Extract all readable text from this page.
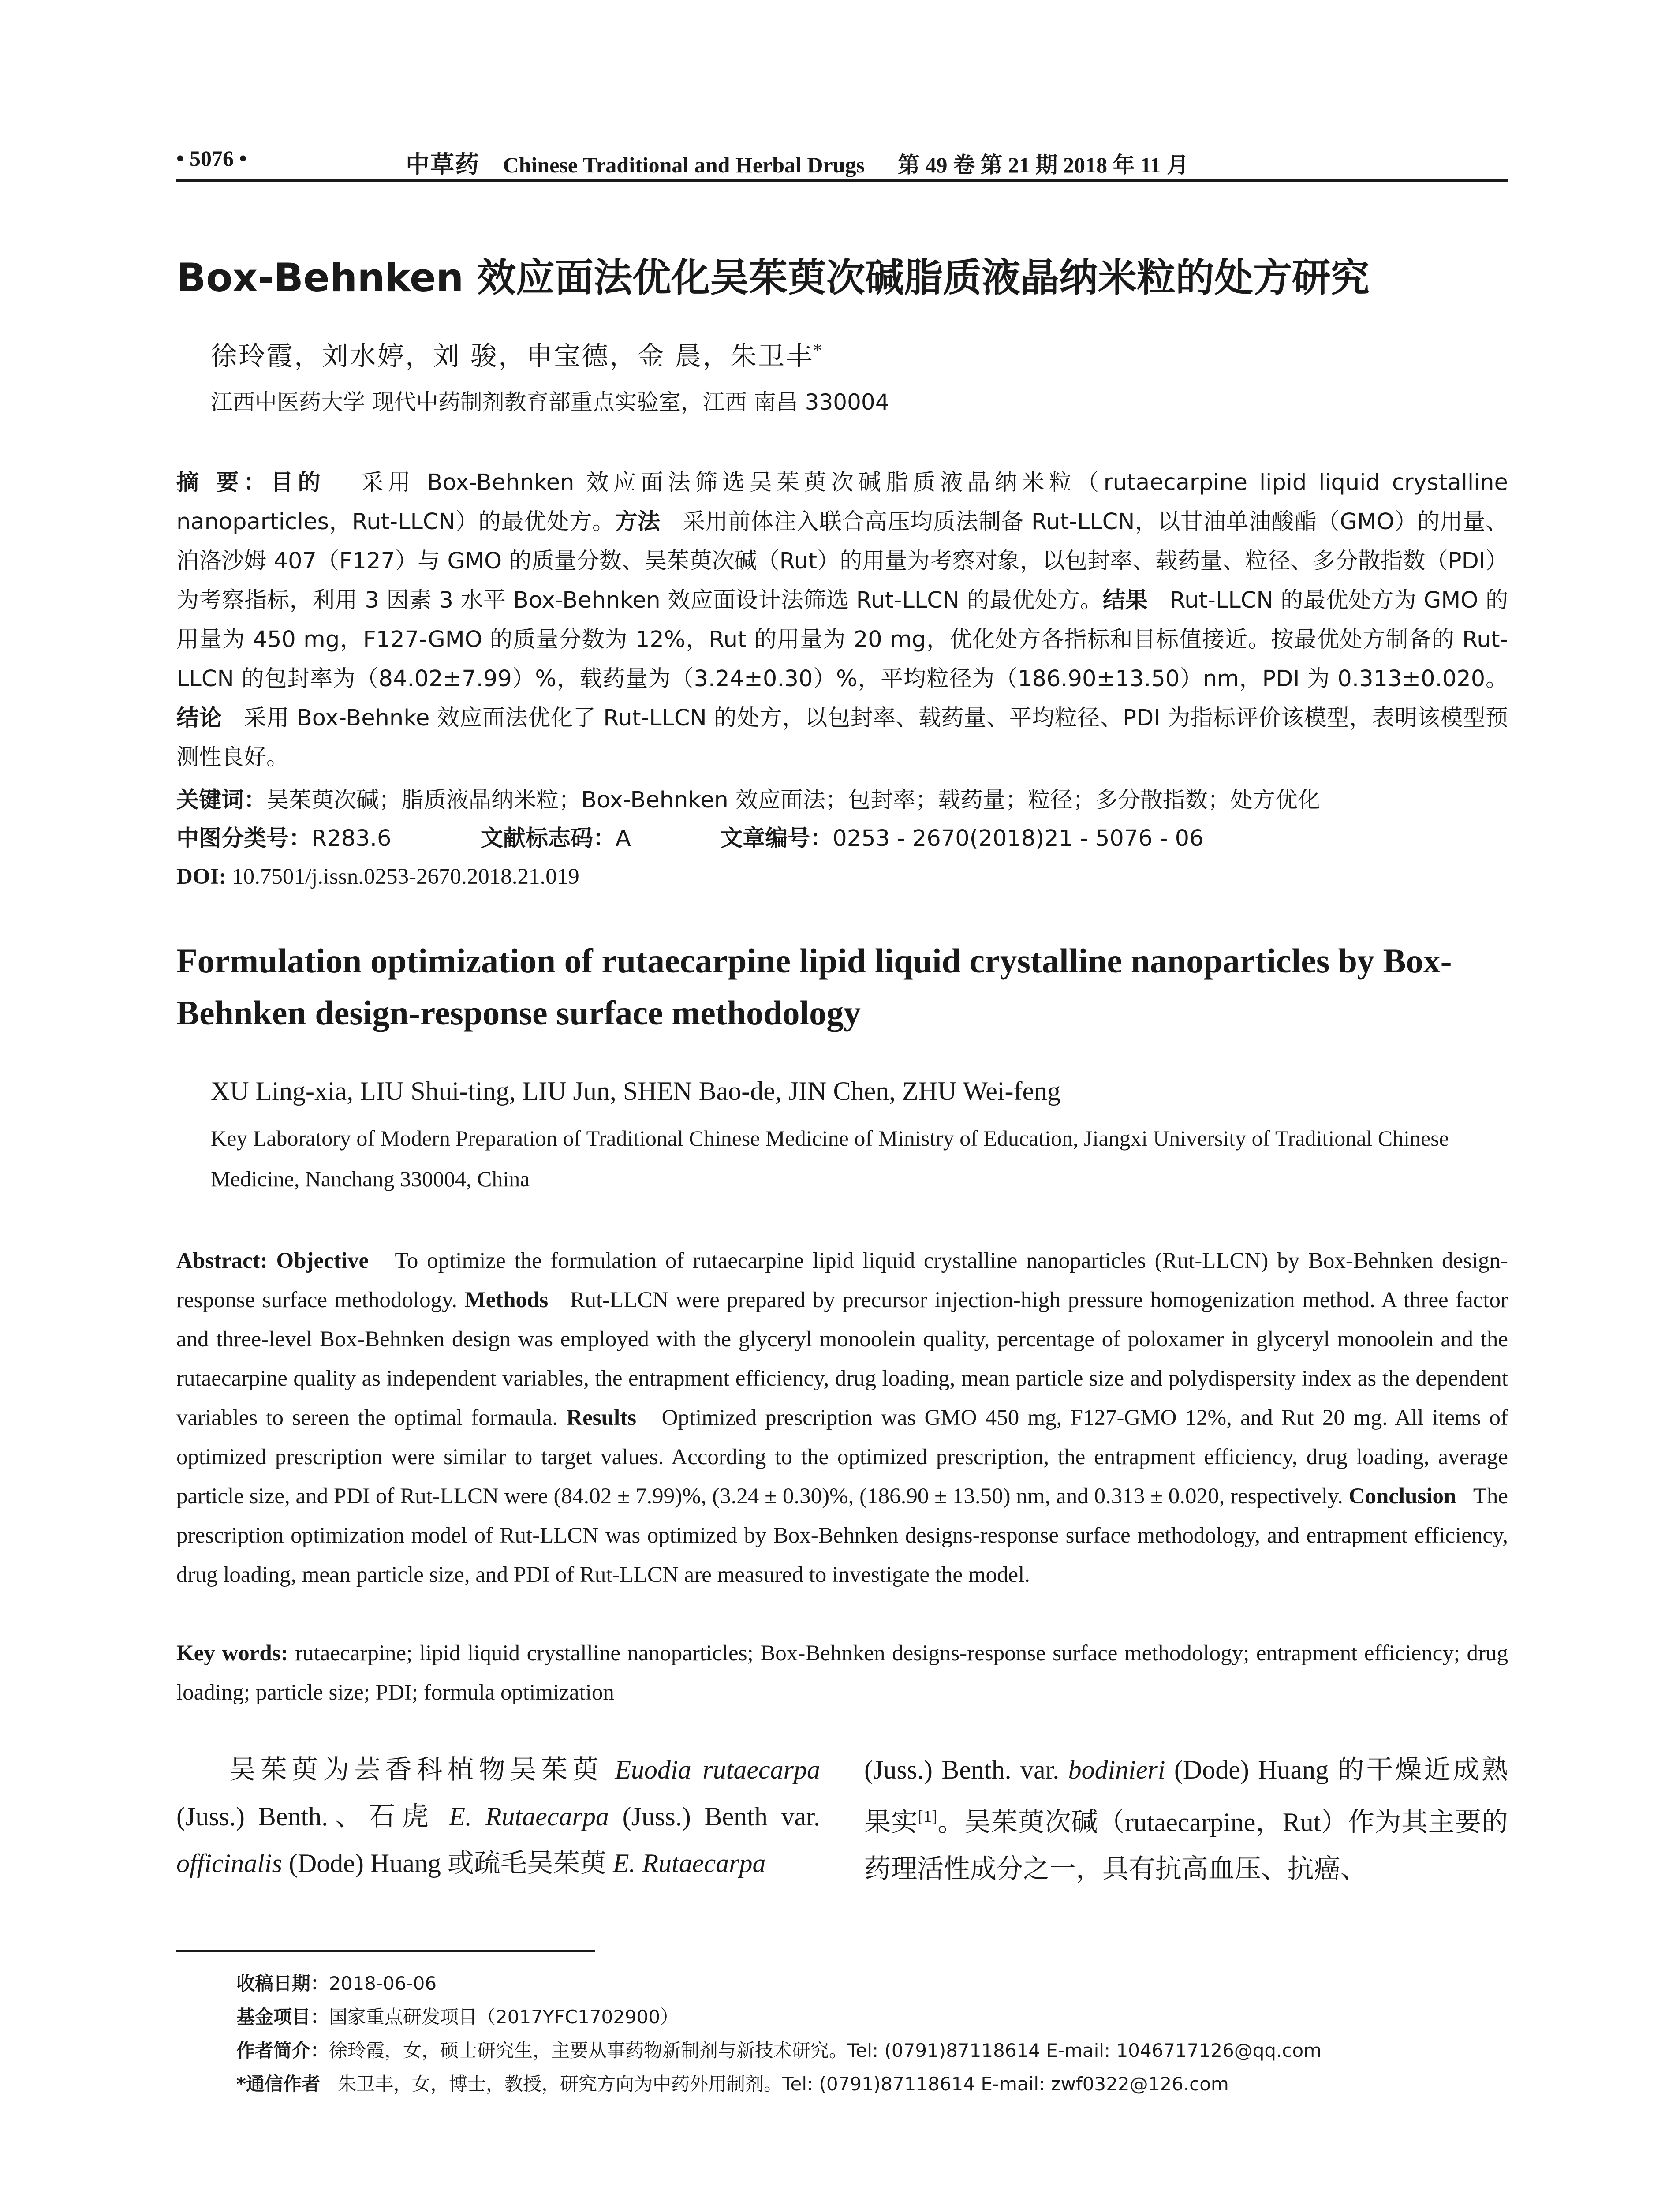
• 5076 •	中草药 Chinese Traditional and Herbal Drugs 第 49 卷 第 21 期 2018 年 11 月
Box-Behnken 效应面法优化吴茱萸次碱脂质液晶纳米粒的处方研究
徐玲霞，刘水婷，刘 骏，申宝德，金 晨，朱卫丰*
江西中医药大学 现代中药制剂教育部重点实验室，江西 南昌 330004
摘 要：目的 采用 Box-Behnken 效应面法筛选吴茱萸次碱脂质液晶纳米粒（rutaecarpine lipid liquid crystalline nanoparticles，Rut-LLCN）的最优处方。方法 采用前体注入联合高压均质法制备 Rut-LLCN，以甘油单油酸酯（GMO）的用量、泊洛沙姆 407（F127）与 GMO 的质量分数、吴茱萸次碱（Rut）的用量为考察对象，以包封率、载药量、粒径、多分散指数（PDI）为考察指标，利用 3 因素 3 水平 Box-Behnken 效应面设计法筛选 Rut-LLCN 的最优处方。结果 Rut-LLCN 的最优处方为 GMO 的用量为 450 mg，F127-GMO 的质量分数为 12%，Rut 的用量为 20 mg，优化处方各指标和目标值接近。按最优处方制备的 Rut-LLCN 的包封率为（84.02±7.99）%，载药量为（3.24±0.30）%，平均粒径为（186.90±13.50）nm，PDI 为 0.313±0.020。结论 采用 Box-Behnke 效应面法优化了 Rut-LLCN 的处方，以包封率、载药量、平均粒径、PDI 为指标评价该模型，表明该模型预测性良好。
关键词：吴茱萸次碱；脂质液晶纳米粒；Box-Behnken 效应面法；包封率；载药量；粒径；多分散指数；处方优化
中图分类号：R283.6	文献标志码：A	文章编号：0253 - 2670(2018)21 - 5076 - 06
DOI: 10.7501/j.issn.0253-2670.2018.21.019
Formulation optimization of rutaecarpine lipid liquid crystalline nanoparticles by Box-Behnken design-response surface methodology
XU Ling-xia, LIU Shui-ting, LIU Jun, SHEN Bao-de, JIN Chen, ZHU Wei-feng
Key Laboratory of Modern Preparation of Traditional Chinese Medicine of Ministry of Education, Jiangxi University of Traditional Chinese Medicine, Nanchang 330004, China
Abstract: Objective To optimize the formulation of rutaecarpine lipid liquid crystalline nanoparticles (Rut-LLCN) by Box-Behnken design-response surface methodology. Methods Rut-LLCN were prepared by precursor injection-high pressure homogenization method. A three factor and three-level Box-Behnken design was employed with the glyceryl monoolein quality, percentage of poloxamer in glyceryl monoolein and the rutaecarpine quality as independent variables, the entrapment efficiency, drug loading, mean particle size and polydispersity index as the dependent variables to sereen the optimal formaula. Results Optimized prescription was GMO 450 mg, F127-GMO 12%, and Rut 20 mg. All items of optimized prescription were similar to target values. According to the optimized prescription, the entrapment efficiency, drug loading, average particle size, and PDI of Rut-LLCN were (84.02 ± 7.99)%, (3.24 ± 0.30)%, (186.90 ± 13.50) nm, and 0.313 ± 0.020, respectively. Conclusion The prescription optimization model of Rut-LLCN was optimized by Box-Behnken designs-response surface methodology, and entrapment efficiency, drug loading, mean particle size, and PDI of Rut-LLCN are measured to investigate the model.
Key words: rutaecarpine; lipid liquid crystalline nanoparticles; Box-Behnken designs-response surface methodology; entrapment efficiency; drug loading; particle size; PDI; formula optimization

吴茱萸为芸香科植物吴茱萸 Euodia rutaecarpa (Juss.) Benth.、石虎 E. Rutaecarpa (Juss.) Benth var. officinalis (Dode) Huang 或疏毛吴茱萸 E. Rutaecarpa

(Juss.) Benth. var. bodinieri (Dode) Huang 的干燥近成熟果实[1]。吴茱萸次碱（rutaecarpine，Rut）作为其主要的药理活性成分之一，具有抗高血压、抗癌、

收稿日期：2018-06-06
基金项目：国家重点研发项目（2017YFC1702900）
作者简介：徐玲霞，女，硕士研究生，主要从事药物新制剂与新技术研究。Tel: (0791)87118614 E-mail: 1046717126@qq.com
*通信作者 朱卫丰，女，博士，教授，研究方向为中药外用制剂。Tel: (0791)87118614 E-mail: zwf0322@126.com
